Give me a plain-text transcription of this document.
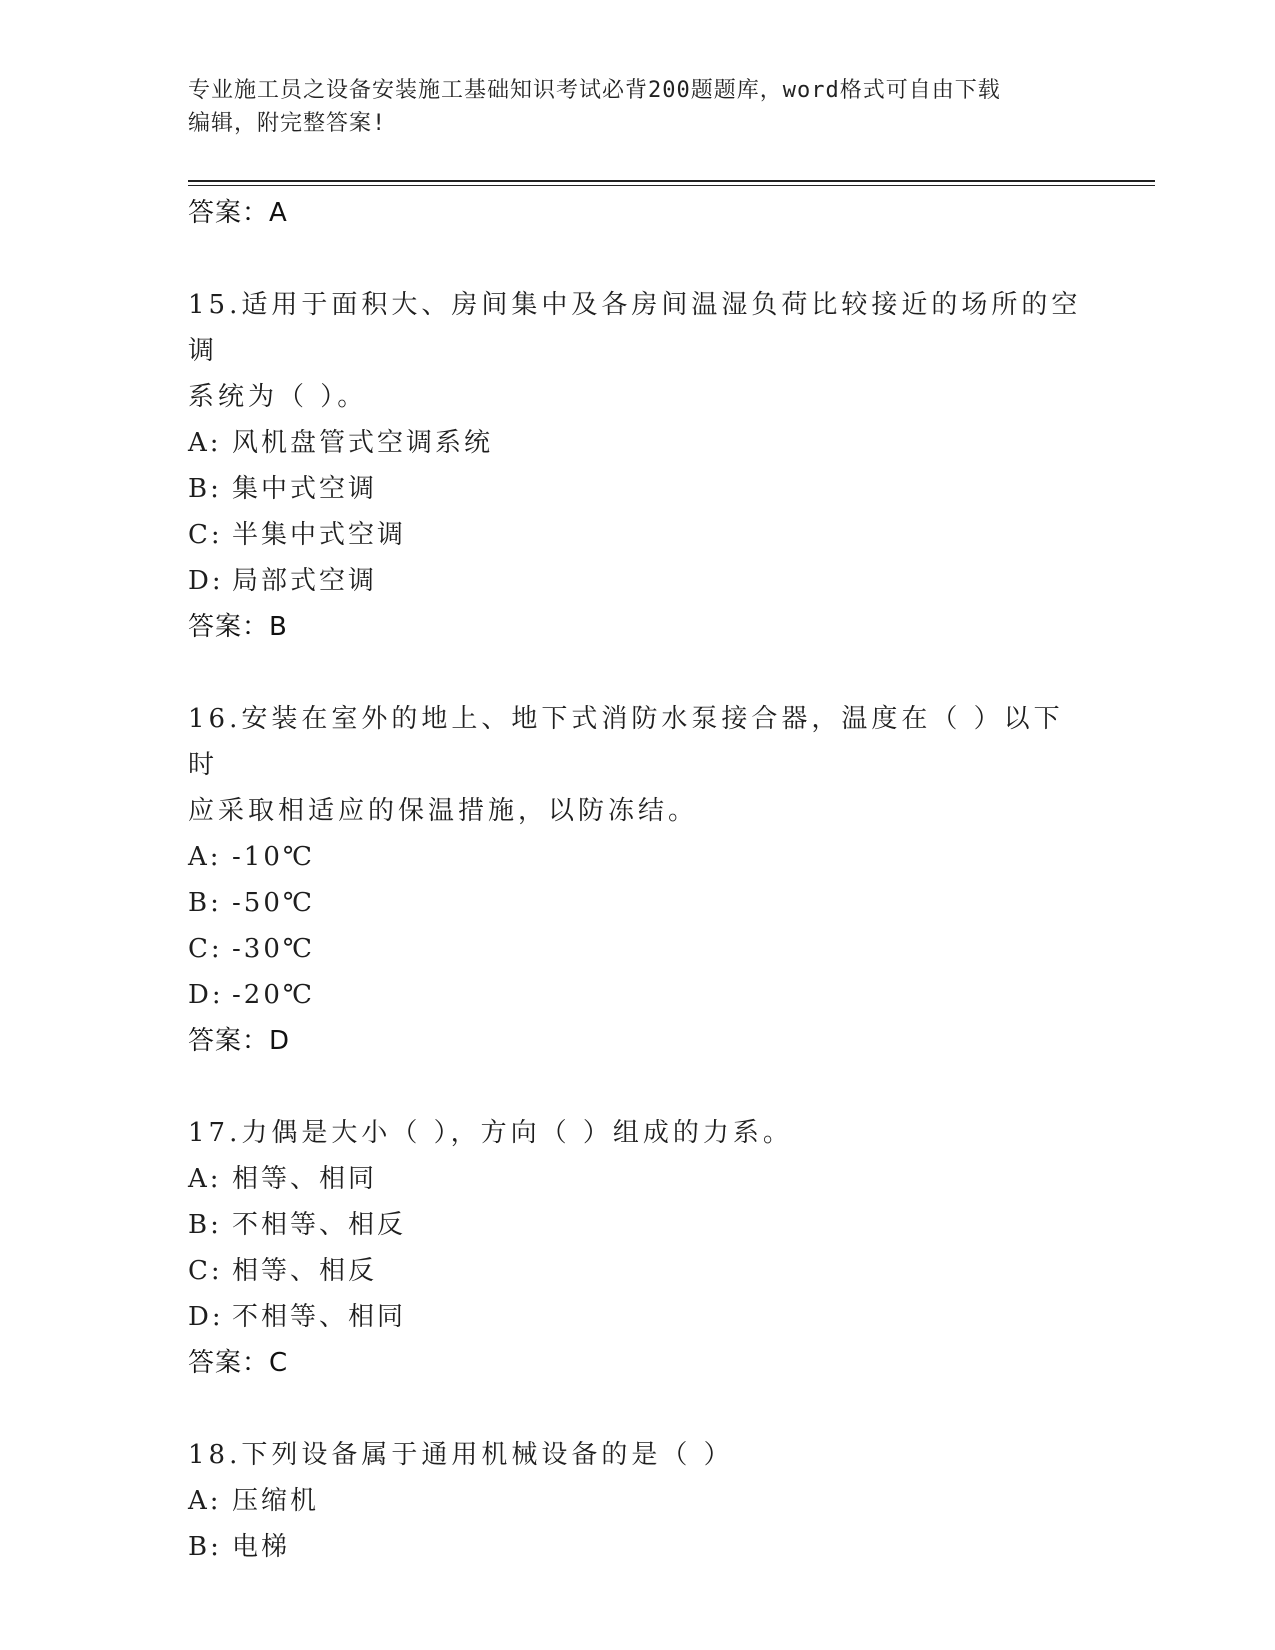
专业施工员之设备安装施工基础知识考试必背200题题库，word格式可自由下载
编辑，附完整答案!
答案：A
15.适用于面积大、房间集中及各房间温湿负荷比较接近的场所的空调
系统为（ ）。
A: 风机盘管式空调系统
B: 集中式空调
C: 半集中式空调
D: 局部式空调
答案：B
16.安装在室外的地上、地下式消防水泵接合器，温度在（ ）以下时
应采取相适应的保温措施，以防冻结。
A: -10℃
B: -50℃
C: -30℃
D: -20℃
答案：D
17.力偶是大小（ ），方向（ ）组成的力系。
A: 相等、相同
B: 不相等、相反
C: 相等、相反
D: 不相等、相同
答案：C
18.下列设备属于通用机械设备的是（ ）
A: 压缩机
B: 电梯
